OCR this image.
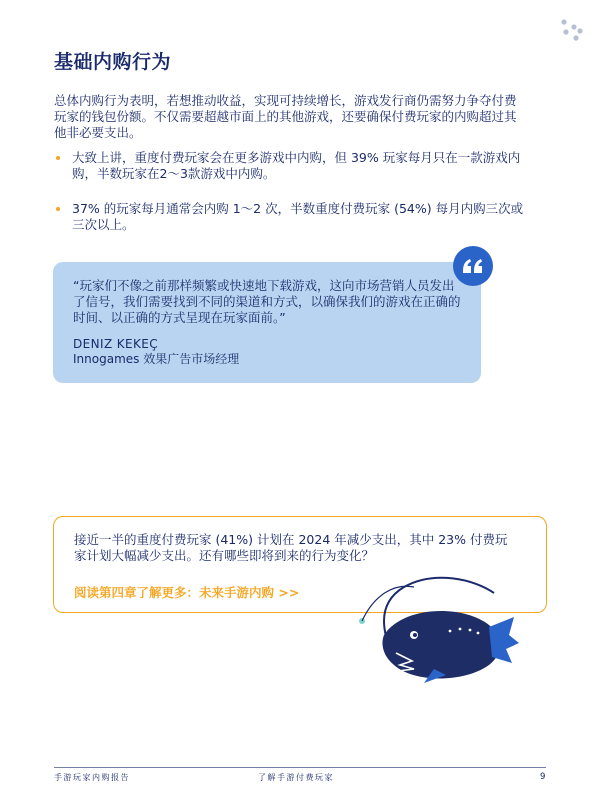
基础内购行为

总体内购行为表明，若想推动收益，实现可持续增长，游戏发行商仍需努力争夺付费玩家的钱包份额。不仅需要超越市面上的其他游戏，还要确保付费玩家的内购超过其他非必要支出。

大致上讲，重度付费玩家会在更多游戏中内购，但 39% 玩家每月只在一款游戏内购，半数玩家在2～3款游戏中内购。
37% 的玩家每月通常会内购 1～2 次，半数重度付费玩家 (54%) 每月内购三次或三次以上。

“玩家们不像之前那样频繁或快速地下载游戏，这向市场营销人员发出了信号，我们需要找到不同的渠道和方式，以确保我们的游戏在正确的时间、以正确的方式呈现在玩家面前。”

DENIZ KEKEÇ

Innogames 效果广告市场经理

接近一半的重度付费玩家 (41%) 计划在 2024 年减少支出，其中 23% 付费玩家计划大幅减少支出。还有哪些即将到来的行为变化？

阅读第四章了解更多：未来手游内购 >>

手游玩家内购报告	了解手游付费玩家	9
